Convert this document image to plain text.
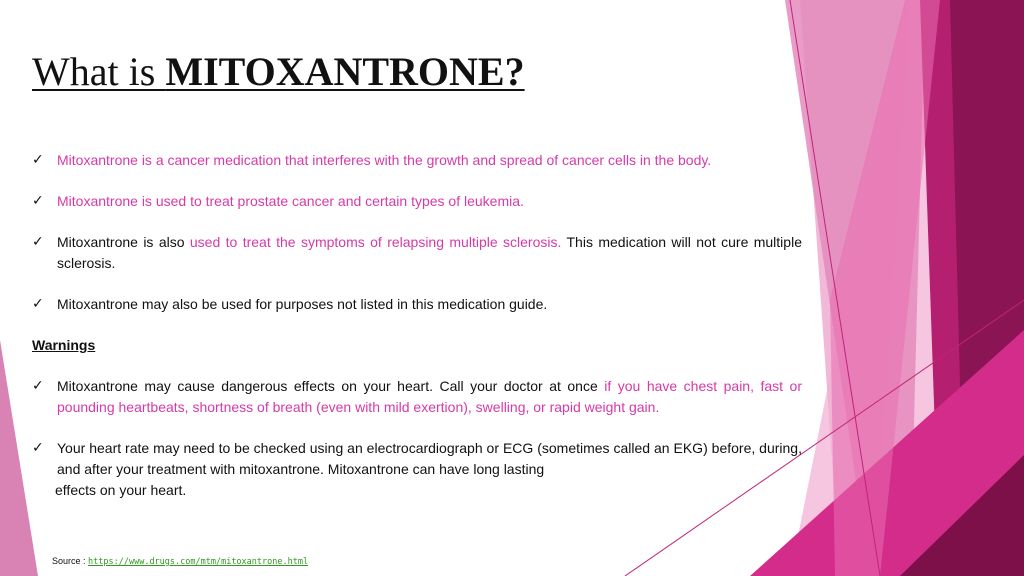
What is MITOXANTRONE?
✓ Mitoxantrone is a cancer medication that interferes with the growth and spread of cancer cells in the body.
✓ Mitoxantrone is used to treat prostate cancer and certain types of leukemia.
✓ Mitoxantrone is also used to treat the symptoms of relapsing multiple sclerosis. This medication will not cure multiple sclerosis.
✓ Mitoxantrone may also be used for purposes not listed in this medication guide.
Warnings
✓ Mitoxantrone may cause dangerous effects on your heart. Call your doctor at once if you have chest pain, fast or pounding heartbeats, shortness of breath (even with mild exertion), swelling, or rapid weight gain.
✓ Your heart rate may need to be checked using an electrocardiograph or ECG (sometimes called an EKG) before, during, and after your treatment with mitoxantrone. Mitoxantrone can have long lasting
effects on your heart.
Source : https://www.drugs.com/mtm/mitoxantrone.html
